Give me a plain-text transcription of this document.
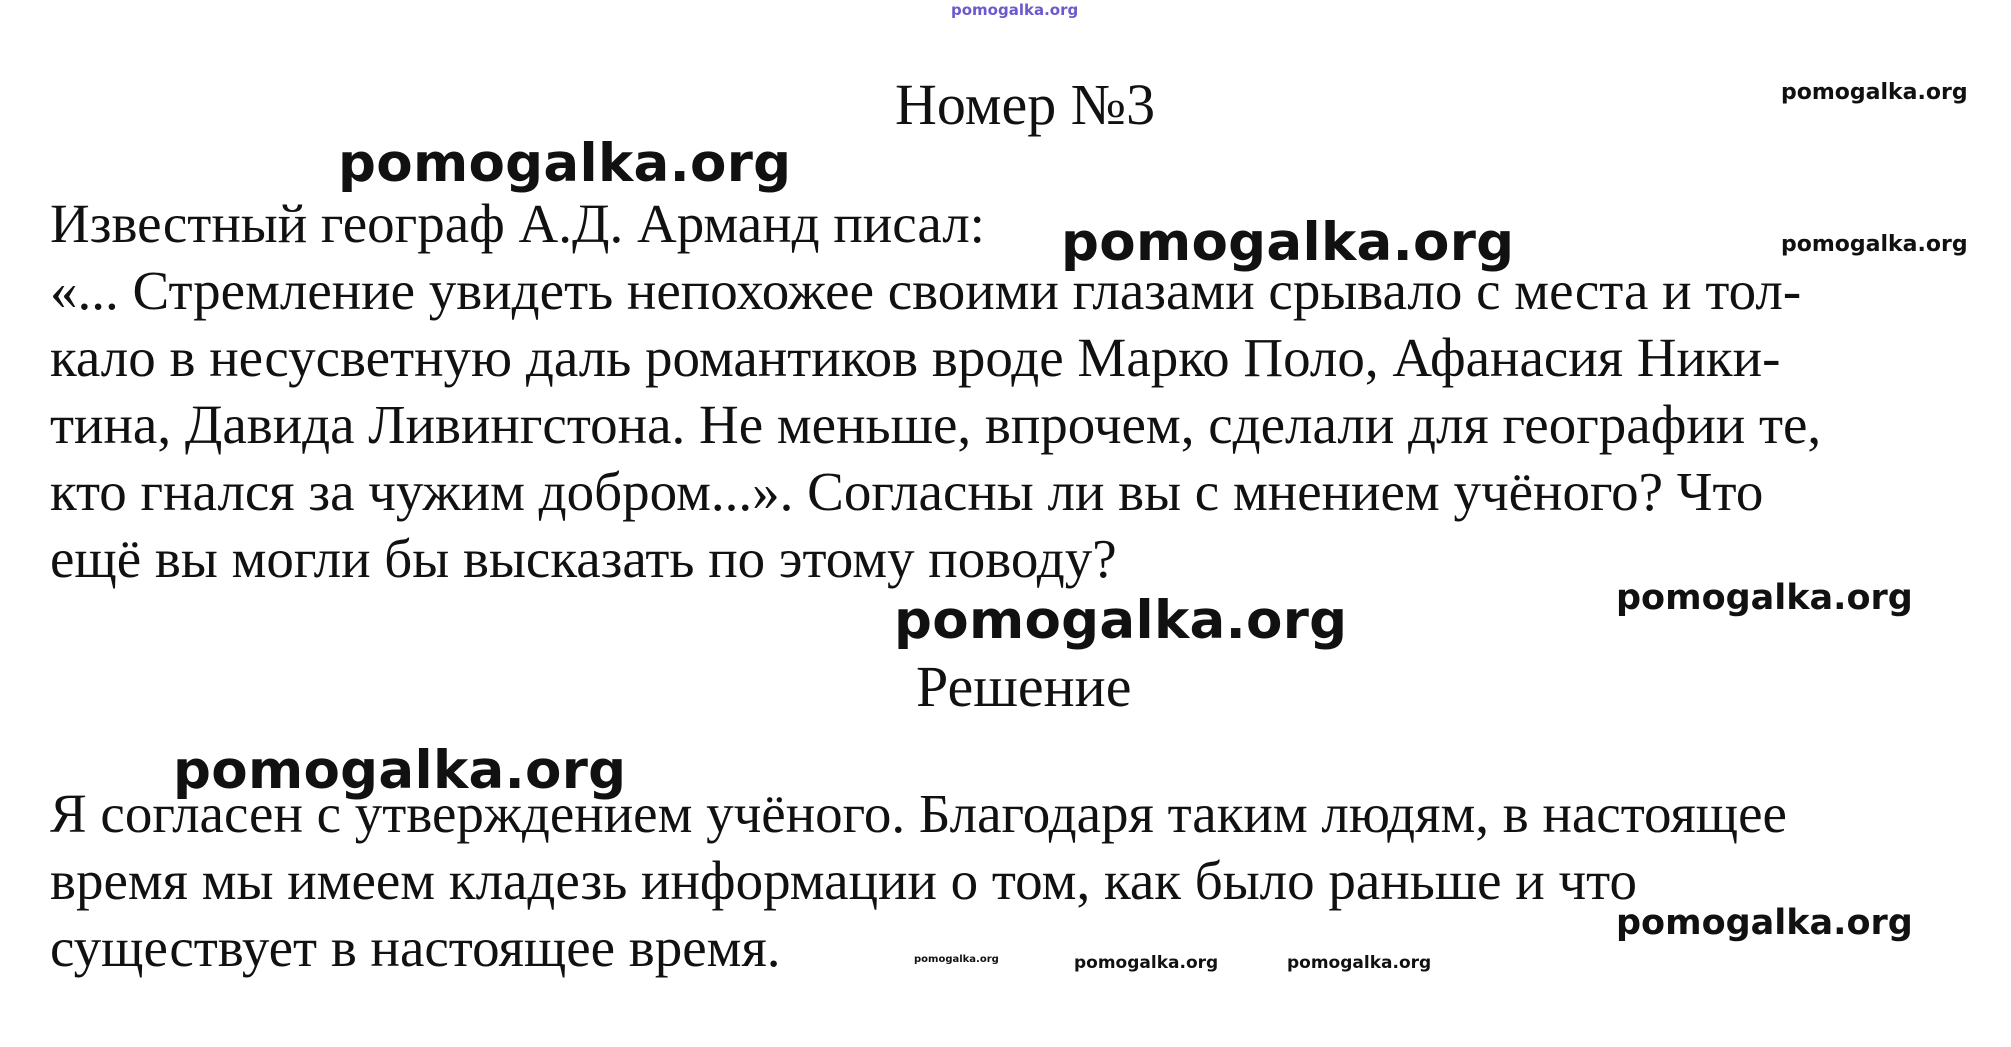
pomogalka.org
Номер №3

Известный географ А.Д. Арманд писал:

«... Стремление увидеть непохожее своими глазами срывало с места и тол-

кало в несусветную даль романтиков вроде Марко Поло, Афанасия Ники-

тина, Давида Ливингстона. Не меньше, впрочем, сделали для географии те,

кто гнался за чужим добром...». Согласны ли вы с мнением учёного? Что

ещё вы могли бы высказать по этому поводу?

Решение

Я согласен с утверждением учёного. Благодаря таким людям, в настоящее

время мы имеем кладезь информации о том, как было раньше и что

существует в настоящее время.

pomogalka.org
pomogalka.org
pomogalka.org
pomogalka.org
pomogalka.org
pomogalka.org
pomogalka.org
pomogalka.org
pomogalka.org	pomogalka.org
pomogalka.org
